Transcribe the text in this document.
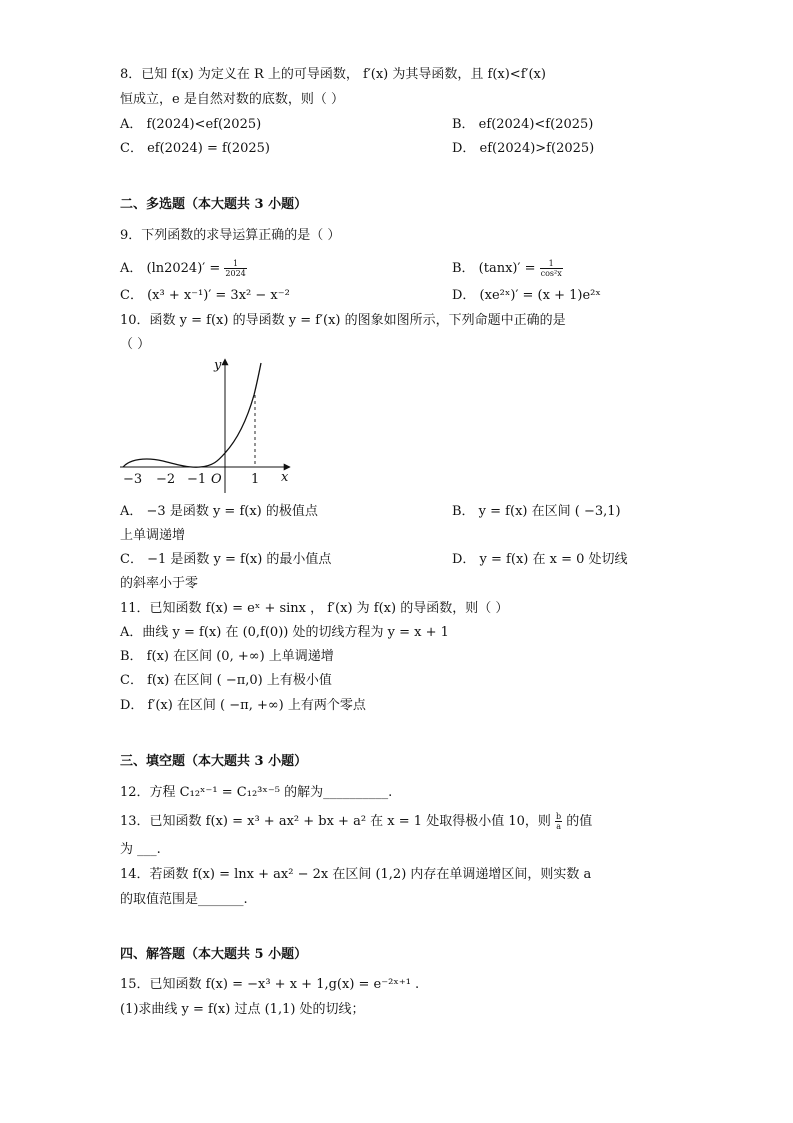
8．已知 f(x) 为定义在 R 上的可导函数， f′(x) 为其导函数，且 f(x)<f′(x)
恒成立，e 是自然对数的底数，则（ ）
A． f(2024)<ef(2025)	B． ef(2024)<f(2025)
C． ef(2024) = f(2025)	D． ef(2024)>f(2025)
二、多选题（本大题共 3 小题）
9．下列函数的求导运算正确的是（ ）
A． $(\ln 2024)' = \frac{1}{2024}$	B． $(\tan x)' = \frac{1}{\text{cos²x}}$
C． (x³ + x⁻¹)′ = 3x² − x⁻²	D． (xe²ˣ)′ = (x + 1)e²ˣ
10．函数 y = f(x) 的导函数 y = f′(x) 的图象如图所示，下列命题中正确的是
（ ）
y
x
−3 −2 −1 O 1
A． −3 是函数 y = f(x) 的极值点	B． y = f(x) 在区间 ( −3,1)
上单调递增
C． −1 是函数 y = f(x) 的最小值点	D． y = f(x) 在 x = 0 处切线
的斜率小于零
11．已知函数 f(x) = eˣ + sinx ， f′(x) 为 f(x) 的导函数，则（ ）
A．曲线 y = f(x) 在 (0,f(0)) 处的切线方程为 y = x + 1
B． f(x) 在区间 (0, +∞) 上单调递增
C． f(x) 在区间 ( −π,0) 上有极小值
D． f′(x) 在区间 ( −π, +∞) 上有两个零点
三、填空题（本大题共 3 小题）
12．方程 C₁₂ˣ⁻¹ = C₁₂³ˣ⁻⁵ 的解为__________.
13．已知函数 f(x) = x³ + ax² + bx + a² 在 x = 1 处取得极小值 10，则 $\frac{b}{a}$ 的值
为 ___.
14．若函数 f(x) = lnx + ax² − 2x 在区间 (1,2) 内存在单调递增区间，则实数 a
的取值范围是_______.
四、解答题（本大题共 5 小题）
15．已知函数 f(x) = −x³ + x + 1,g(x) = e⁻²ˣ⁺¹ .
(1)求曲线 y = f(x) 过点 (1,1) 处的切线；
